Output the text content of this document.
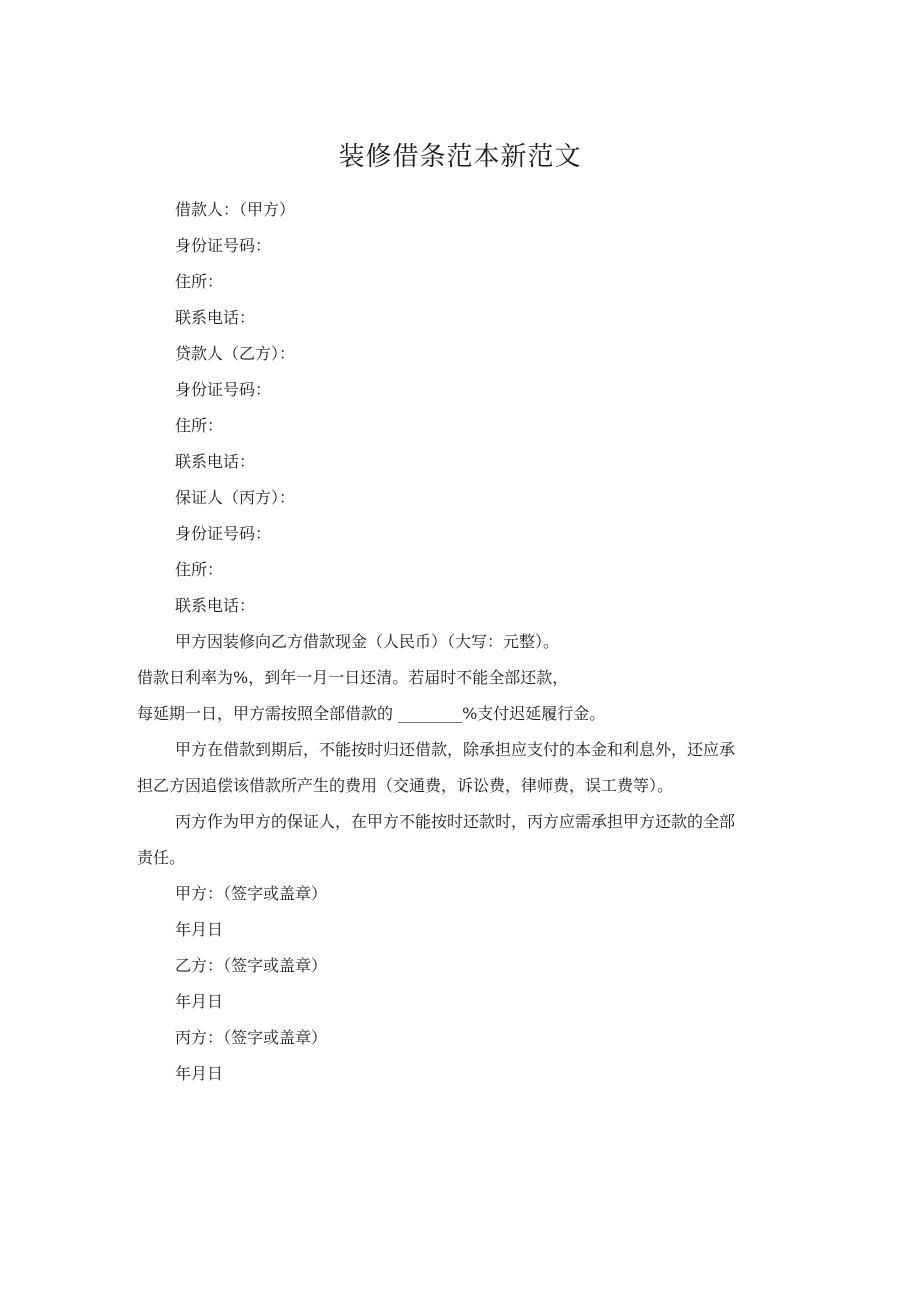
装修借条范本新范文
借款人：（甲方）
身份证号码：
住所：
联系电话：
贷款人（乙方）：
身份证号码：
住所：
联系电话：
保证人（丙方）：
身份证号码：
住所：
联系电话：
甲方因装修向乙方借款现金（人民币）（大写：元整）。
借款日利率为%，到年一月一日还清。若届时不能全部还款，
每延期一日，甲方需按照全部借款的 ________%支付迟延履行金。
甲方在借款到期后，不能按时归还借款，除承担应支付的本金和利息外，还应承
担乙方因追偿该借款所产生的费用（交通费，诉讼费，律师费，误工费等）。
丙方作为甲方的保证人，在甲方不能按时还款时，丙方应需承担甲方还款的全部
责任。
甲方：（签字或盖章）
年月日
乙方：（签字或盖章）
年月日
丙方：（签字或盖章）
年月日
